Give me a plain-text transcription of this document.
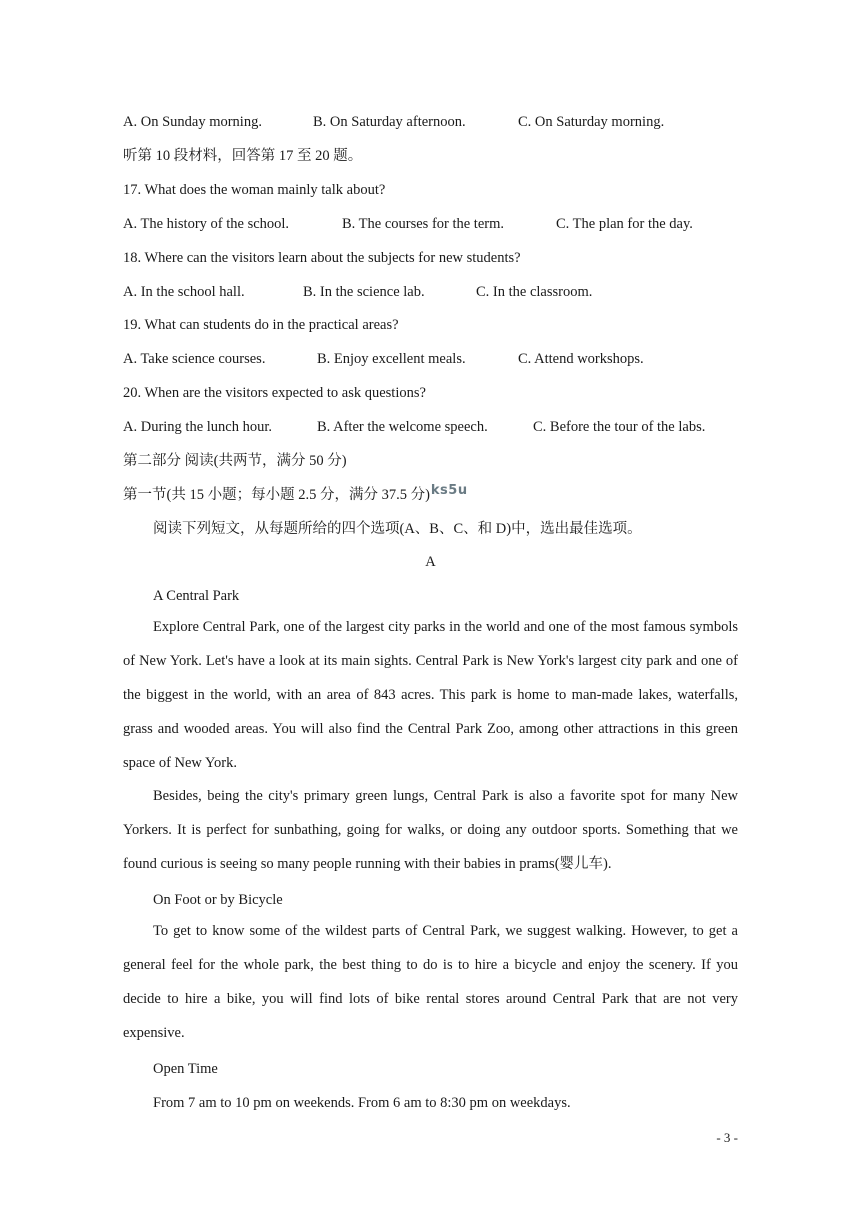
A. On Sunday morning.	B. On Saturday afternoon.	C. On Saturday morning.
听第 10 段材料，回答第 17 至 20 题。
17. What does the woman mainly talk about?
A. The history of the school.	B. The courses for the term.	C. The plan for the day.
18. Where can the visitors learn about the subjects for new students?
A. In the school hall.	B. In the science lab.	C. In the classroom.
19. What can students do in the practical areas?
A. Take science courses.	B. Enjoy excellent meals.	C. Attend workshops.
20. When are the visitors expected to ask questions?
A. During the lunch hour.	B. After the welcome speech.	C. Before the tour of the labs.
第二部分 阅读(共两节，满分 50 分)
第一节(共 15 小题；每小题 2.5 分，满分 37.5 分)ks5u
阅读下列短文，从每题所给的四个选项(A、B、C、和 D)中，选出最佳选项。
A
A Central Park
Explore Central Park, one of the largest city parks in the world and one of the most famous symbols of New York. Let's have a look at its main sights. Central Park is New York's largest city park and one of the biggest in the world, with an area of 843 acres. This park is home to man-made lakes, waterfalls, grass and wooded areas. You will also find the Central Park Zoo, among other attractions in this green space of New York.
Besides, being the city's primary green lungs, Central Park is also a favorite spot for many New Yorkers. It is perfect for sunbathing, going for walks, or doing any outdoor sports. Something that we found curious is seeing so many people running with their babies in prams(婴儿车).
On Foot or by Bicycle
To get to know some of the wildest parts of Central Park, we suggest walking. However, to get a general feel for the whole park, the best thing to do is to hire a bicycle and enjoy the scenery. If you decide to hire a bike, you will find lots of bike rental stores around Central Park that are not very expensive.
Open Time
From 7 am to 10 pm on weekends. From 6 am to 8:30 pm on weekdays.
- 3 -
